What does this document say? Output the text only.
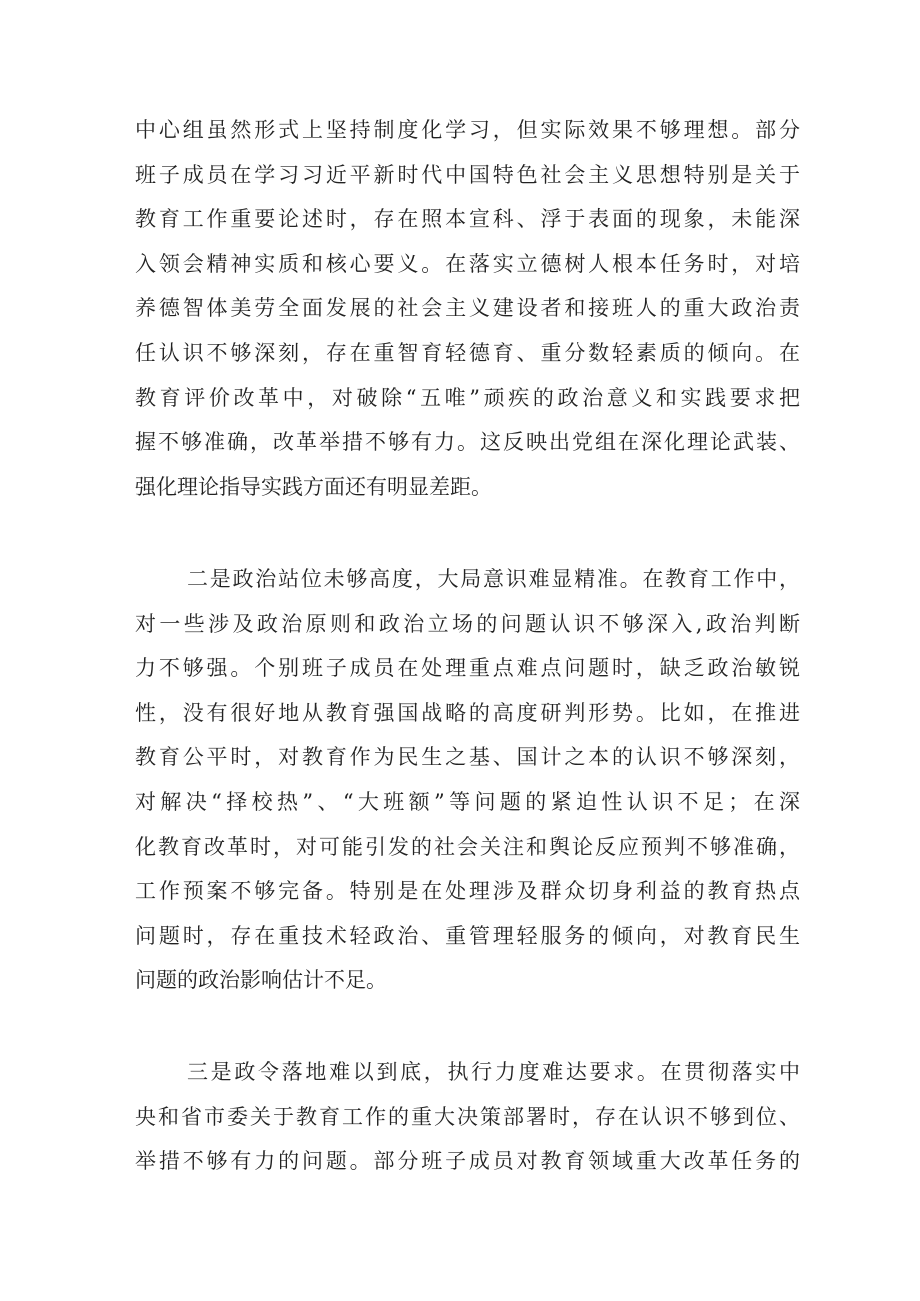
中心组虽然形式上坚持制度化学习，但实际效果不够理想。部分
班子成员在学习习近平新时代中国特色社会主义思想特别是关于
教育工作重要论述时，存在照本宣科、浮于表面的现象，未能深
入领会精神实质和核心要义。在落实立德树人根本任务时，对培
养德智体美劳全面发展的社会主义建设者和接班人的重大政治责
任认识不够深刻，存在重智育轻德育、重分数轻素质的倾向。在
教育评价改革中，对破除“五唯”顽疾的政治意义和实践要求把
握不够准确，改革举措不够有力。这反映出党组在深化理论武装、
强化理论指导实践方面还有明显差距。
二是政治站位未够高度，大局意识难显精准。在教育工作中，
对一些涉及政治原则和政治立场的问题认识不够深入,政治判断
力不够强。个别班子成员在处理重点难点问题时，缺乏政治敏锐
性，没有很好地从教育强国战略的高度研判形势。比如，在推进
教育公平时，对教育作为民生之基、国计之本的认识不够深刻，
对解决“择校热”、“大班额”等问题的紧迫性认识不足；在深
化教育改革时，对可能引发的社会关注和舆论反应预判不够准确，
工作预案不够完备。特别是在处理涉及群众切身利益的教育热点
问题时，存在重技术轻政治、重管理轻服务的倾向，对教育民生
问题的政治影响估计不足。
三是政令落地难以到底，执行力度难达要求。在贯彻落实中
央和省市委关于教育工作的重大决策部署时，存在认识不够到位、
举措不够有力的问题。部分班子成员对教育领域重大改革任务的
